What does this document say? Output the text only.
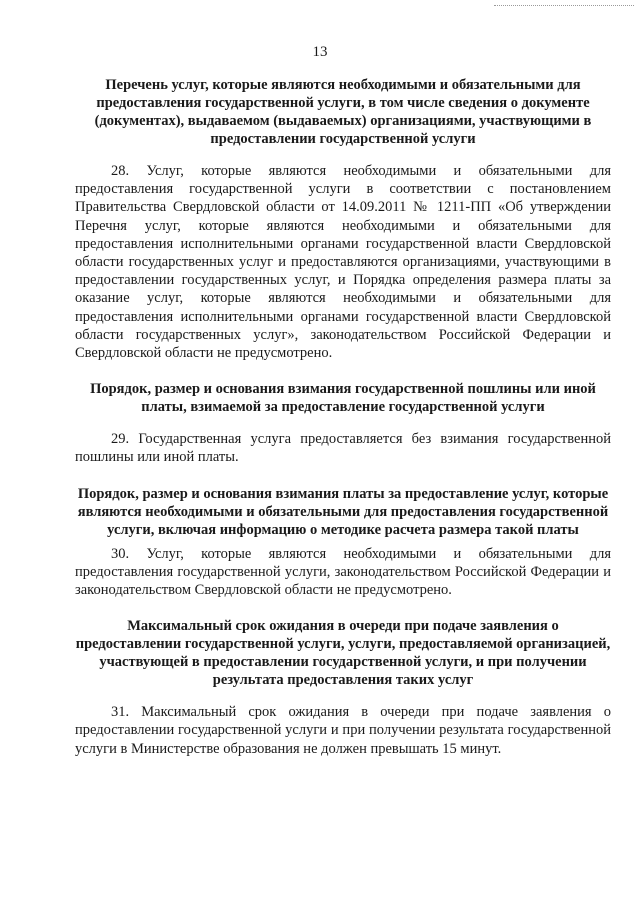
13

Перечень услуг, которые являются необходимыми и обязательными для предоставления государственной услуги, в том числе сведения о документе (документах), выдаваемом (выдаваемых) организациями, участвующими в предоставлении государственной услуги

28. Услуг, которые являются необходимыми и обязательными для предоставления государственной услуги в соответствии с постановлением Правительства Свердловской области от 14.09.2011 № 1211-ПП «Об утверждении Перечня услуг, которые являются необходимыми и обязательными для предоставления исполнительными органами государственной власти Свердловской области государственных услуг и предоставляются организациями, участвующими в предоставлении государственных услуг, и Порядка определения размера платы за оказание услуг, которые являются необходимыми и обязательными для предоставления исполнительными органами государственной власти Свердловской области государственных услуг», законодательством Российской Федерации и Свердловской области не предусмотрено.

Порядок, размер и основания взимания государственной пошлины или иной платы, взимаемой за предоставление государственной услуги

29. Государственная услуга предоставляется без взимания государственной пошлины или иной платы.

Порядок, размер и основания взимания платы за предоставление услуг, которые являются необходимыми и обязательными для предоставления государственной услуги, включая информацию о методике расчета размера такой платы

30. Услуг, которые являются необходимыми и обязательными для предоставления государственной услуги, законодательством Российской Федерации и законодательством Свердловской области не предусмотрено.

Максимальный срок ожидания в очереди при подаче заявления о предоставлении государственной услуги, услуги, предоставляемой организацией, участвующей в предоставлении государственной услуги, и при получении результата предоставления таких услуг

31. Максимальный срок ожидания в очереди при подаче заявления о предоставлении государственной услуги и при получении результата государственной услуги в Министерстве образования не должен превышать 15 минут.
